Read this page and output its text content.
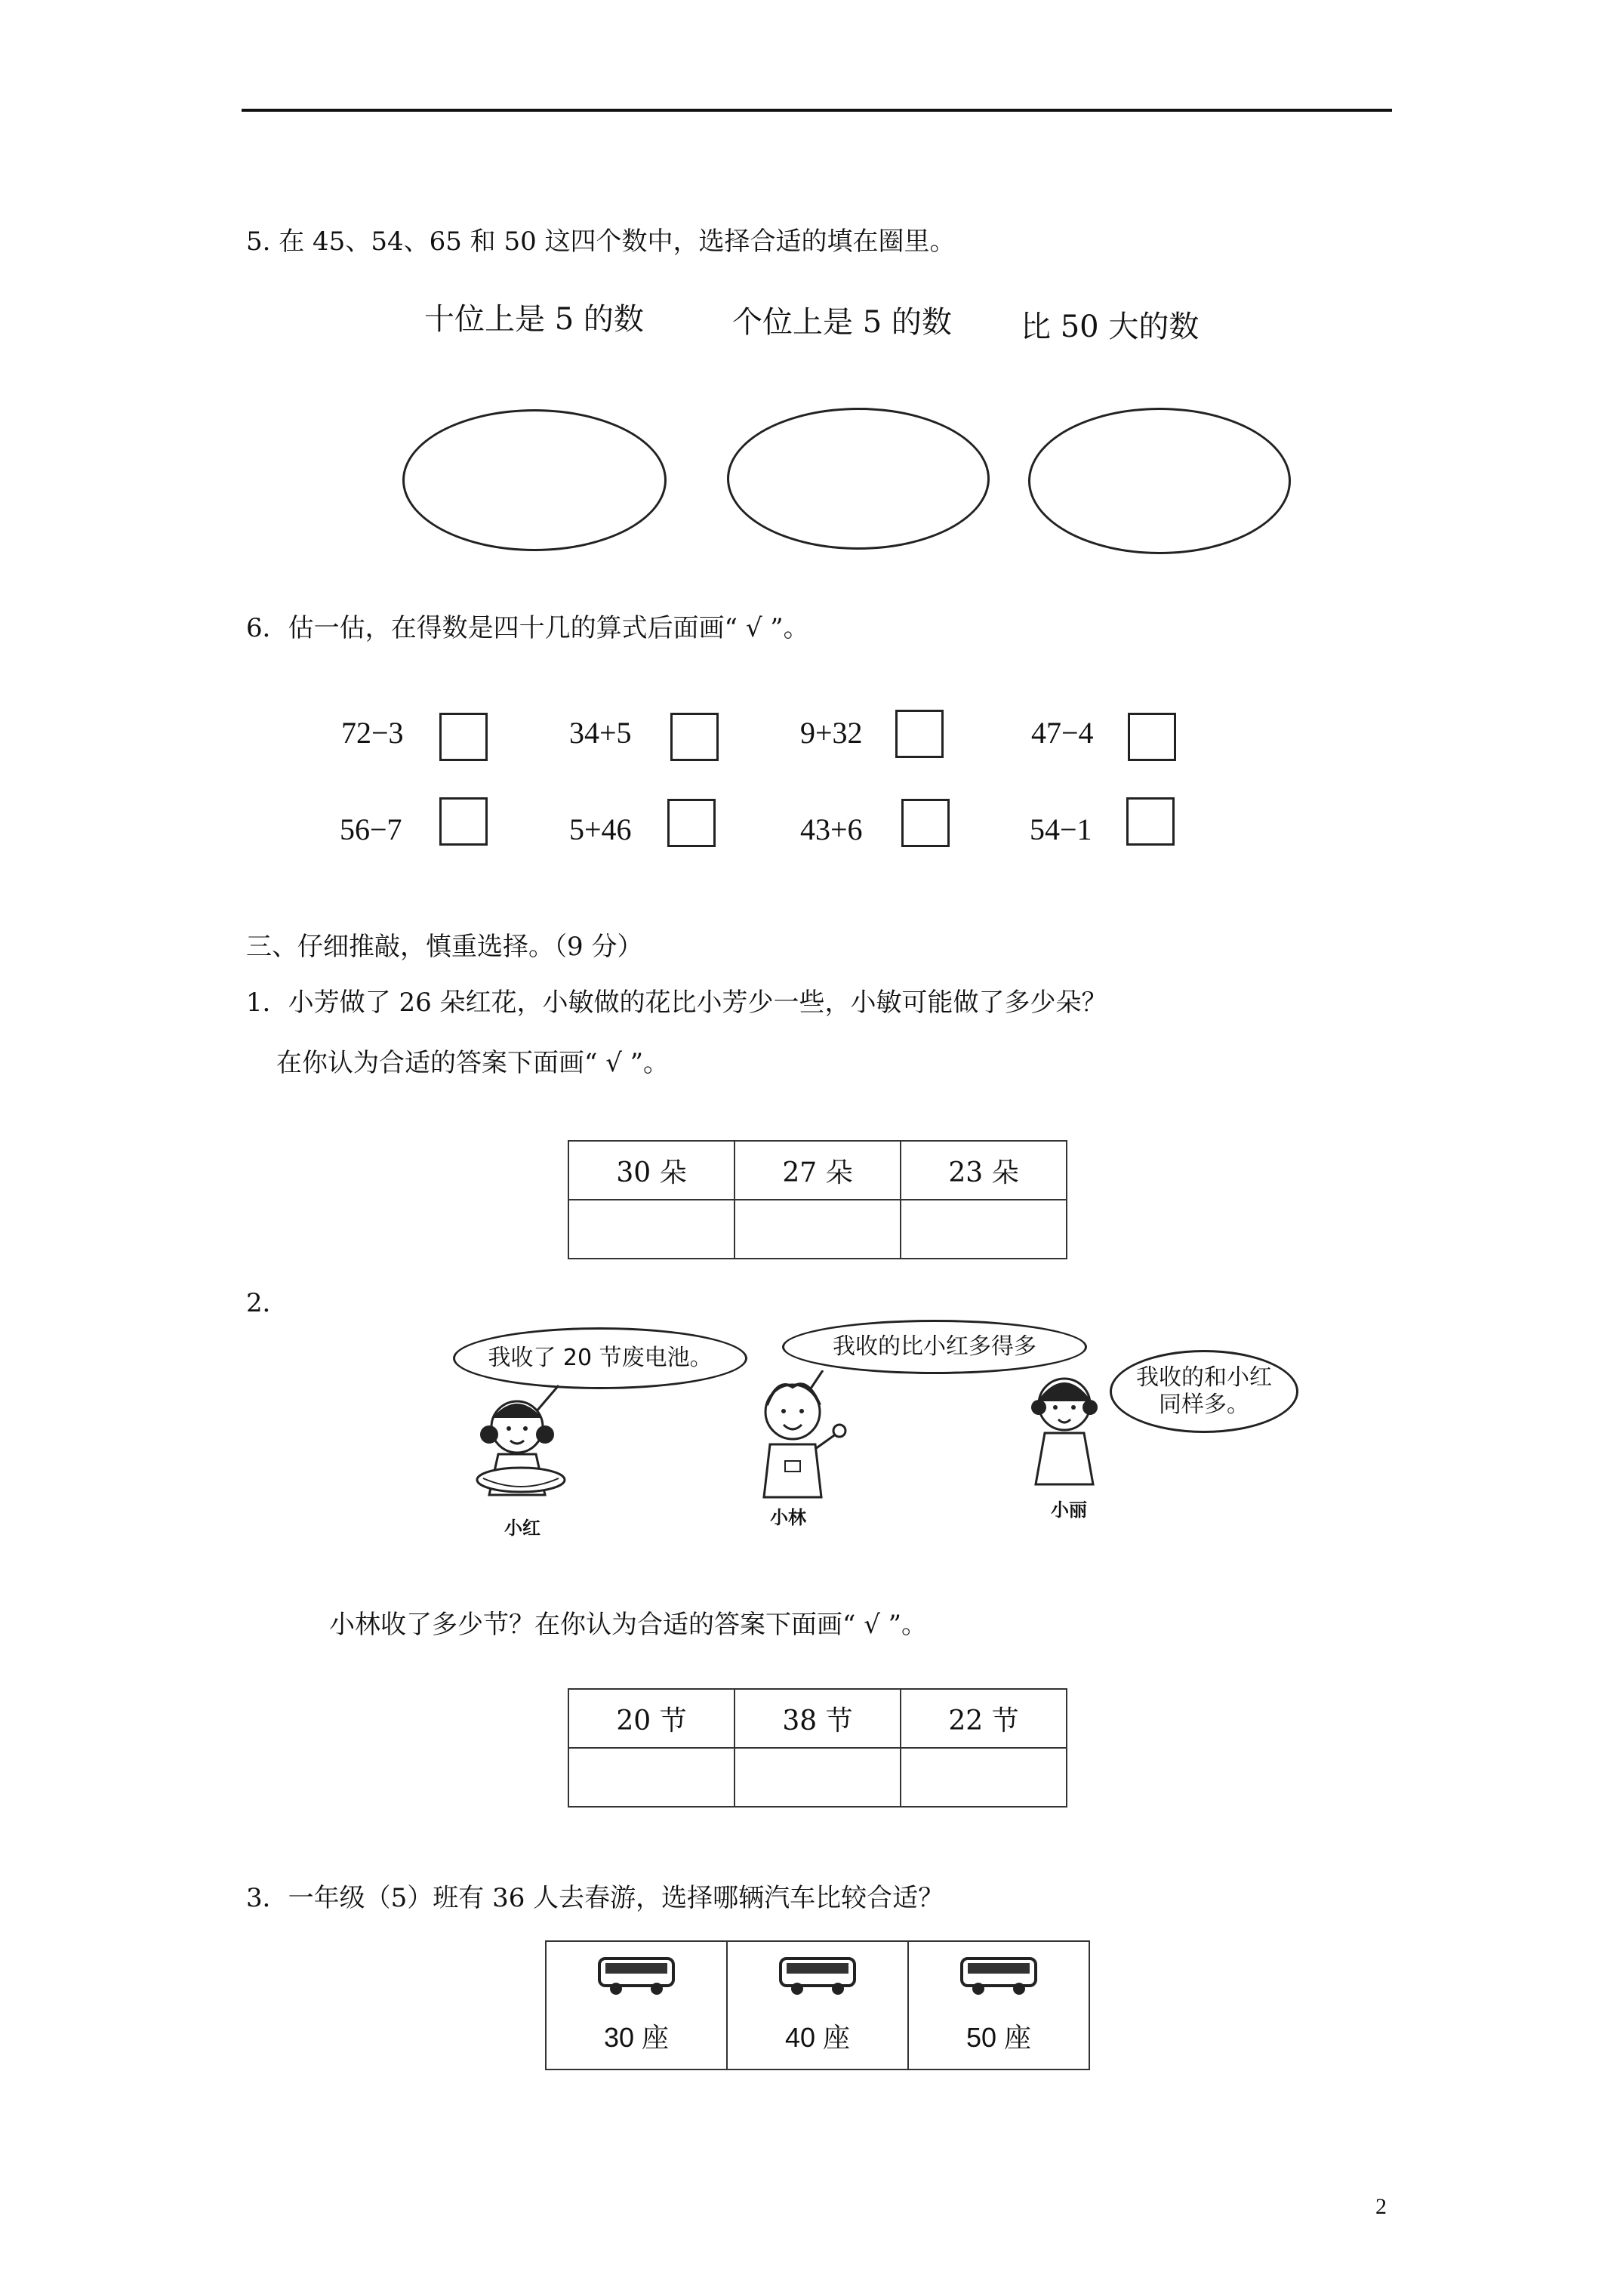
5. 在 45、54、65 和 50 这四个数中，选择合适的填在圈里。
十位上是 5 的数	个位上是 5 的数 比 50 大的数
6．估一估，在得数是四十几的算式后面画“ √ ”。
72−3	34+5	9+32	47−4
56−7	5+46	43+6	54−1
三、仔细推敲，慎重选择。（9 分）
1．小芳做了 26 朵红花，小敏做的花比小芳少一些，小敏可能做了多少朵？
在你认为合适的答案下面画“ √ ”。
30 朵	27 朵	23 朵

2．
我收了 20 节废电池。	我收的比小红多得多
我收的和小红同样多。
小红	小林	小丽
小林收了多少节？在你认为合适的答案下面画“ √ ”。
20 节	38 节	22 节

3．一年级（5）班有 36 人去春游，选择哪辆汽车比较合适？
30 座	40 座	50 座
2
